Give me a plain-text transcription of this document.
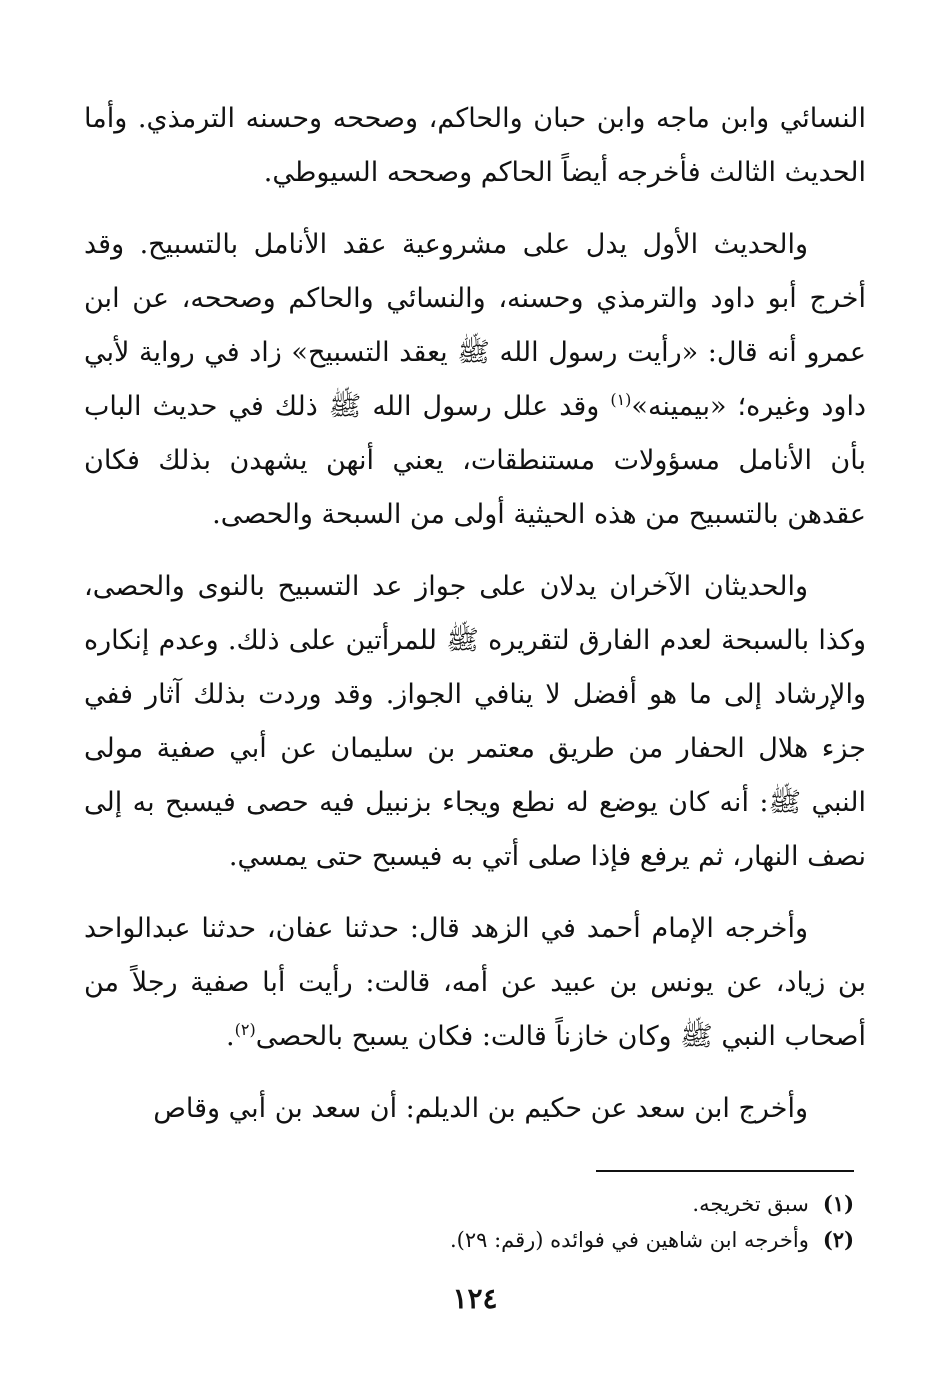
النسائي وابن ماجه وابن حبان والحاكم، وصححه وحسنه الترمذي. وأما الحديث الثالث فأخرجه أيضاً الحاكم وصححه السيوطي.

والحديث الأول يدل على مشروعية عقد الأنامل بالتسبيح. وقد أخرج أبو داود والترمذي وحسنه، والنسائي والحاكم وصححه، عن ابن عمرو أنه قال: «رأيت رسول الله ﷺ يعقد التسبيح» زاد في رواية لأبي داود وغيره؛ «بيمينه»$^{(١)}$ وقد علل رسول الله ﷺ ذلك في حديث الباب بأن الأنامل مسؤولات مستنطقات، يعني أنهن يشهدن بذلك فكان عقدهن بالتسبيح من هذه الحيثية أولى من السبحة والحصى.

والحديثان الآخران يدلان على جواز عد التسبيح بالنوى والحصى، وكذا بالسبحة لعدم الفارق لتقريره ﷺ للمرأتين على ذلك. وعدم إنكاره والإرشاد إلى ما هو أفضل لا ينافي الجواز. وقد وردت بذلك آثار ففي جزء هلال الحفار من طريق معتمر بن سليمان عن أبي صفية مولى النبي ﷺ: أنه كان يوضع له نطع ويجاء بزنبيل فيه حصى فيسبح به إلى نصف النهار، ثم يرفع فإذا صلى أتي به فيسبح حتى يمسي.

وأخرجه الإمام أحمد في الزهد قال: حدثنا عفان، حدثنا عبدالواحد بن زياد، عن يونس بن عبيد عن أمه، قالت: رأيت أبا صفية رجلاً من أصحاب النبي ﷺ وكان خازناً قالت: فكان يسبح بالحصى$^{(٢)}$.

وأخرج ابن سعد عن حكيم بن الديلم: أن سعد بن أبي وقاص

(١)سبق تخريجه.
(٢)وأخرجه ابن شاهين في فوائده (رقم: ٢٩).
١٢٤
